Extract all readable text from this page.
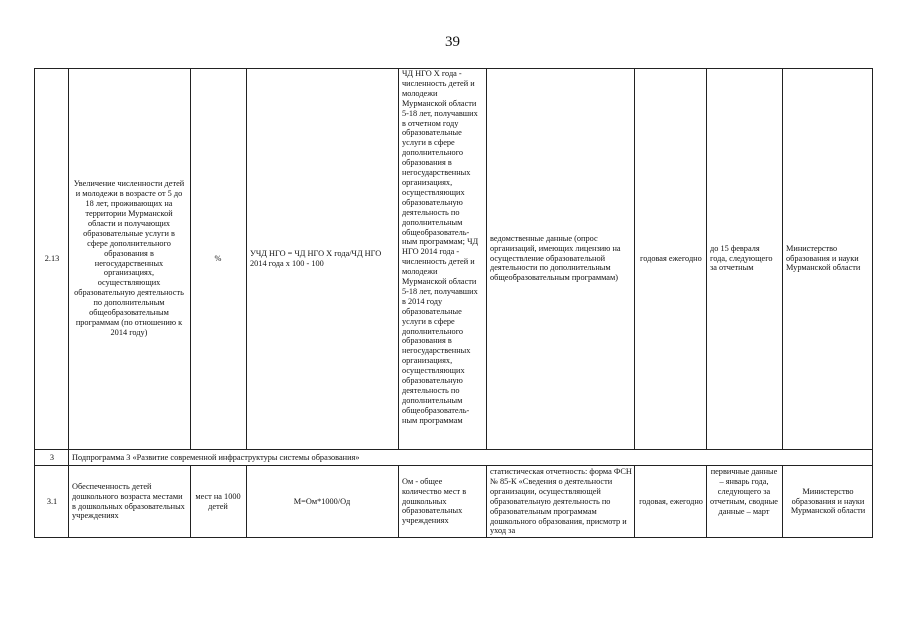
39
2.13
Увеличение численности детей и молодежи в возрасте от 5 до 18 лет, проживающих на территории Мурманской области и получающих образовательные услуги в сфере дополнительного образования в негосударственных организациях, осуществляющих образовательную деятельность по дополнительным общеобразовательным программам (по отношению к 2014 году)
%
УЧД НГО = ЧД НГО Х года/ЧД НГО 2014 года х 100 - 100
ЧД НГО Х года - численность детей и молодежи Мурманской области 5-18 лет, получавших в отчетном году образовательные услуги в сфере дополнительного образования в негосударственных организациях, осуществляющих образовательную деятельность по дополнительным общеобразователь-ным программам; ЧД НГО 2014 года - численность детей и молодежи Мурманской области 5-18 лет, получавших в 2014 году образовательные услуги в сфере дополнительного образования в негосударственных организациях, осуществляющих образовательную деятельность по дополнительным общеобразователь-ным программам
ведомственные данные (опрос организаций, имеющих лицензию на осуществление образовательной деятельности по дополнительным общеобразовательным программам)
годовая ежегодно
до 15 февраля года, следующего за отчетным
Министерство образования и науки Мурманской области
3	Подпрограмма 3 «Развитие современной инфраструктуры системы образования»
3.1
Обеспеченность детей дошкольного возраста местами в дошкольных образовательных учреждениях
мест на 1000 детей
М=Ом*1000/Од
Ом - общее количество мест в дошкольных образовательных учреждениях
статистическая отчетность: форма ФСН № 85-К «Сведения о деятельности организации, осуществляющей образовательную деятельность по образовательным программам дошкольного образования, присмотр и уход за
годовая, ежегодно
первичные данные – январь года, следующего за отчетным, сводные данные – март
Министерство образования и науки Мурманской области
